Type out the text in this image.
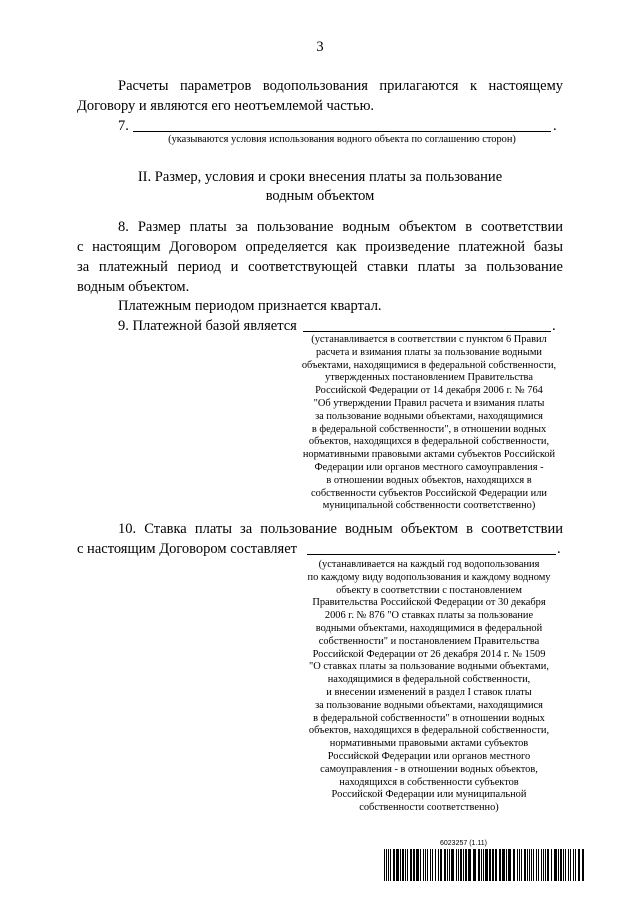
3
Расчеты параметров водопользования прилагаются к настоящему
Договору и являются его неотъемлемой частью.
7.	.
(указываются условия использования водного объекта по соглашению сторон)
II. Размер, условия и сроки внесения платы за пользование
водным объектом
8. Размер платы за пользование водным объектом в соответствии
с настоящим Договором определяется как произведение платежной базы
за платежный период и соответствующей ставки платы за пользование
водным объектом.
Платежным периодом признается квартал.
9. Платежной базой является	.
(устанавливается в соответствии с пунктом 6 Правил
расчета и взимания платы за пользование водными
объектами, находящимися в федеральной собственности,
утвержденных постановлением Правительства
Российской Федерации от 14 декабря 2006 г. № 764
"Об утверждении Правил расчета и взимания платы
за пользование водными объектами, находящимися
в федеральной собственности", в отношении водных
объектов, находящихся в федеральной собственности,
нормативными правовыми актами субъектов Российской
Федерации или органов местного самоуправления -
в отношении водных объектов, находящихся в
собственности субъектов Российской Федерации или
муниципальной собственности соответственно)
10. Ставка платы за пользование водным объектом в соответствии
с настоящим Договором составляет	.
(устанавливается на каждый год водопользования
по каждому виду водопользования и каждому водному
объекту в соответствии с постановлением
Правительства Российской Федерации от 30 декабря
2006 г. № 876 "О ставках платы за пользование
водными объектами, находящимися в федеральной
собственности" и постановлением Правительства
Российской Федерации от 26 декабря 2014 г. № 1509
"О ставках платы за пользование водными объектами,
находящимися в федеральной собственности,
и внесении изменений в раздел I ставок платы
за пользование водными объектами, находящимися
в федеральной собственности" в отношении водных
объектов, находящихся в федеральной собственности,
нормативными правовыми актами субъектов
Российской Федерации или органов местного
самоуправления - в отношении водных объектов,
находящихся в собственности субъектов
Российской Федерации или муниципальной
собственности соответственно)
6023257 (1.11)
